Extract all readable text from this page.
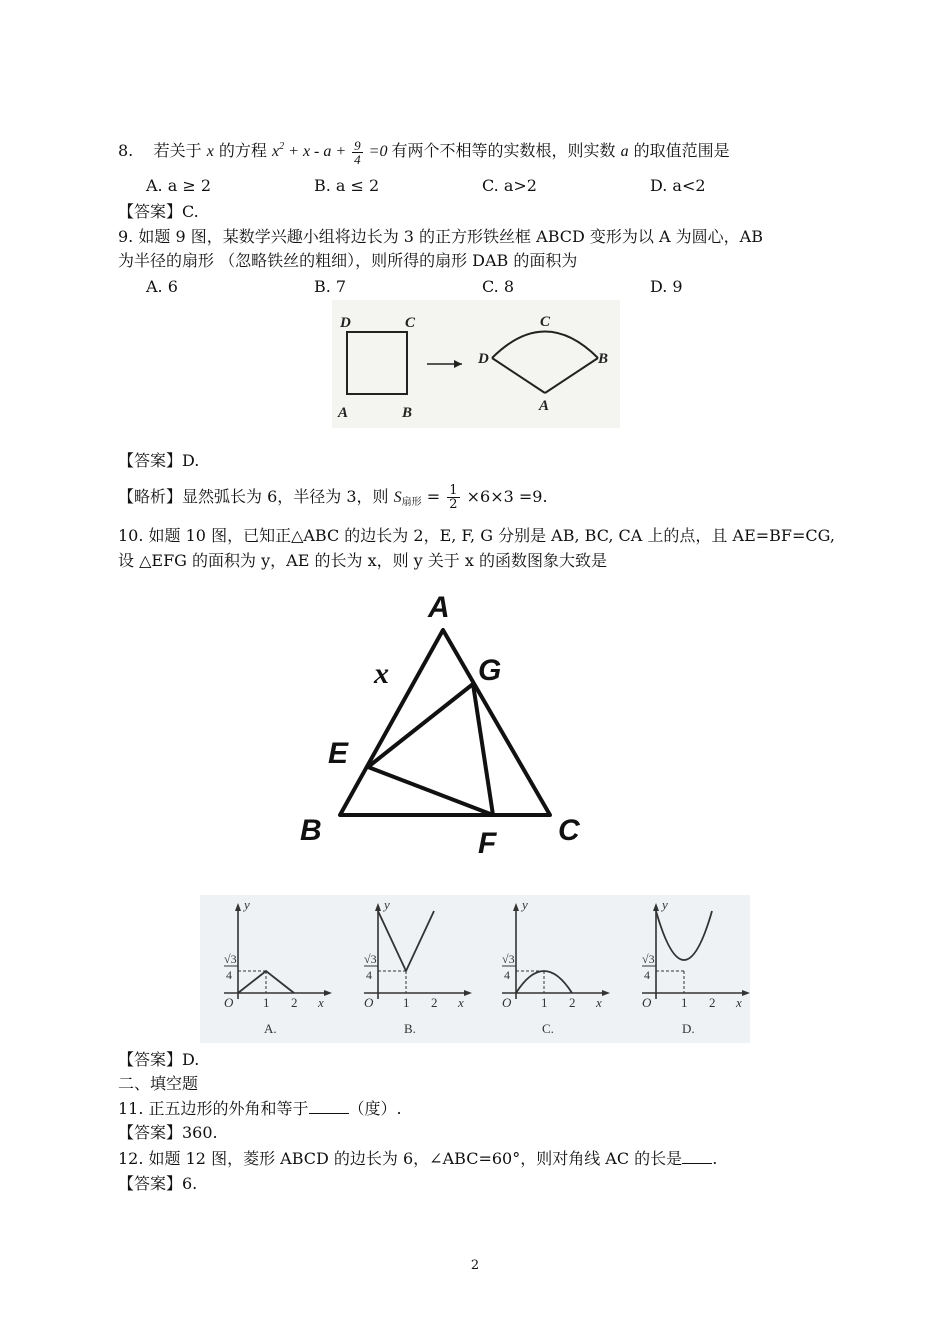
8. 若关于 x 的方程 $x^2 + x - a + \frac{9}{4} =0$ 有两个不相等的实数根，则实数 a 的取值范围是
A. a ≥ 2	B. a ≤ 2	C. a>2	D. a<2
【答案】C.
9. 如题 9 图，某数学兴趣小组将边长为 3 的正方形铁丝框 ABCD 变形为以 A 为圆心，AB
为半径的扇形 （忽略铁丝的粗细），则所得的扇形 DAB 的面积为
A. 6	B. 7	C. 8	D. 9
D	C
A	B
C
D	B
A
【答案】D.
【略析】显然弧长为 6，半径为 3，则 $S_{扇形} = \frac{1}{2} \times 6\times 3 =9$.
10. 如题 10 图，已知正△ABC 的边长为 2，E, F, G 分别是 AB, BC, CA 上的点，且 AE=BF=CG,
设 △EFG 的面积为 y，AE 的长为 x，则 y 关于 x 的函数图象大致是
A
B	C
E
F
G
x
y
√3
4
O 1 2 x
A.
y
√3
4
O 1 2 x
B.
y
√3
4
O 1 2 x
C.
y
√3
4
O 1 2 x
D.
【答案】D.
二、填空题
11. 正五边形的外角和等于	（度）.
【答案】360.
12. 如题 12 图，菱形 ABCD 的边长为 6，∠ABC=60°，则对角线 AC 的长是 .
【答案】6.
2
